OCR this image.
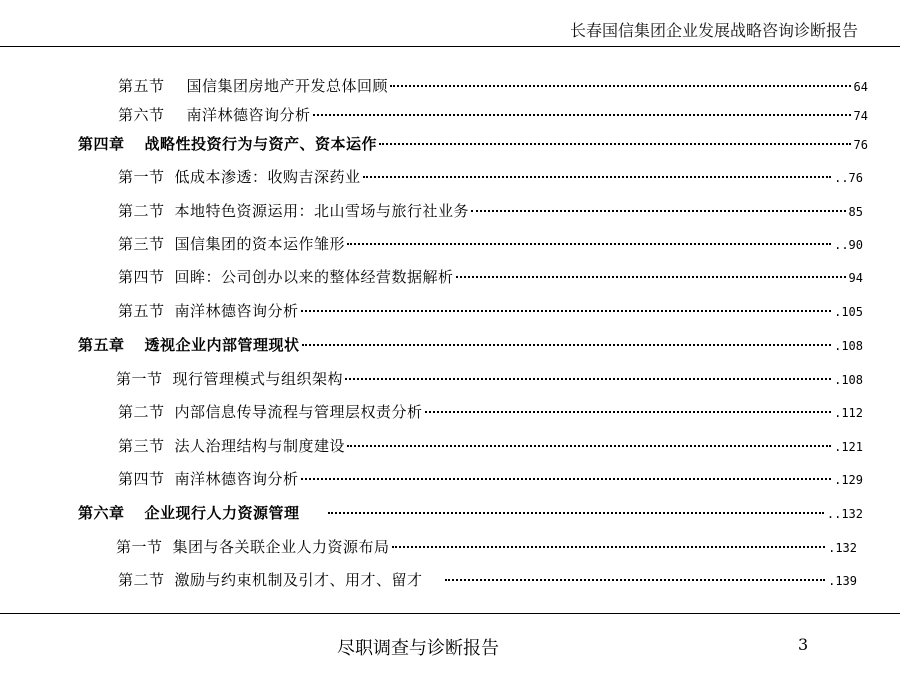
长春国信集团企业发展战略咨询诊断报告
第五节 国信集团房地产开发总体回顾	64
第六节 南洋林德咨询分析	74
第四章 战略性投资行为与资产、资本运作	76
第一节 低成本渗透：收购吉深药业	..76
第二节 本地特色资源运用：北山雪场与旅行社业务	85
第三节 国信集团的资本运作雏形	..90
第四节 回眸：公司创办以来的整体经营数据解析	94
第五节 南洋林德咨询分析	.105
第五章 透视企业内部管理现状	.108
第一节 现行管理模式与组织架构	.108
第二节 内部信息传导流程与管理层权责分析	.112
第三节 法人治理结构与制度建设	.121
第四节 南洋林德咨询分析	.129
第六章 企业现行人力资源管理	..132
第一节 集团与各关联企业人力资源布局	.132
第二节 激励与约束机制及引才、用才、留才	.139
尽职调查与诊断报告	3
